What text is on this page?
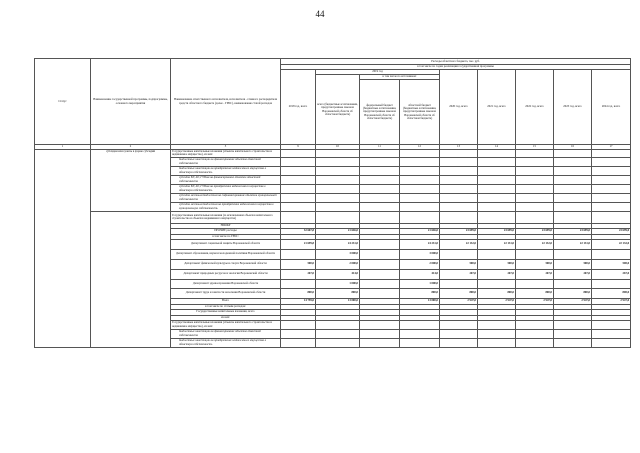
44
Статус	Наименование государственной программы, подпрограммы, основного мероприятия	Наименование ответственного исполнителя, исполнителя - главного распорядителя средств областного бюджета (далее - ГРБС), наименование статей расходов	Расходы областного бюджета, тыс. руб.								
			в том числе по годам реализации государственной программы								
			2018 год, всего	2019 год			2020 год, всего	2021 год, всего	2022 год, всего	2023 год, всего	2024 год, всего
				всего (бюджетные ассигнования, предусмотренные законом Воронежской области об областном бюджете)	в том числе по источникам:						
					федеральный бюджет (бюджетные ассигнования, предусмотренные законом Воронежской области об областном бюджете)	областной бюджет (бюджетные ассигнования, предусмотренные законом Воронежской области об областном бюджете)					
1	2	3	9	10	11	12	13	14	15	16	17
	субсидии или гранты в форме субсидий	Государственные капитальные вложения (объекты капитального строительства и недвижимое имущество), из них:									
		бюджетные инвестиции на финансирование объектов областной собственности									
		бюджетные инвестиции на приобретение недвижимого имущества в областную собственность									
		субсидии БУ, АУ, ГУПам на финансирование объектов областной собственности									
		субсидии БУ, АУ, ГУПам на приобретение недвижимого имущества в областную собственность									
		субсидии местным бюджетам на софинансирование объектов муниципальной собственности									
		субсидии местным бюджетам на приобретение недвижимого имущества в муниципальную собственность									
		Государственные капитальные вложения (за исключением объектов капитального строительства и объектов недвижимого имущества)									
		НИОКР									
		ПРОЧИЕ расходы	32 667,8	21 646,0		21 646,0	23 699,0	23 699,0	23 699,0	23 699,0	23 699,0
		в том числе по ГРБС:									
		Департамент социальной защиты Воронежской области	21 699,8	24 231,0		24 231,0	22 132,0	22 131,0	22 132,0	22 131,0	22 132,0
		Департамент образования, науки и молодежной политики Воронежской области		3 000,0		3 000,0					
		Департамент физической культуры и спорта Воронежской области	500,0	2 000,0		2 000,0	500,0	500,0	500,0	500,0	500,0
		Департамент природных ресурсов и экологии Воронежской области	267,0	414,0		414,0	267,0	267,0	267,0	267,0	267,0
		Департамент здравоохранения Воронежской области		1 000,0		1 000,0					
		Департамент труда и занятости населения Воронежской области	800,0	800,0		800,0	800,0	800,0	800,0	800,0	800,0
		Всего	14 759,0	13 000,0		13 000,0	2 947,0	2 947,0	2 947,0	2 947,0	2 947,0
		в том числе по статьям расходов:									
		Государственные капитальные вложения, всего									
		из них:									
		Государственные капитальные вложения (объекты капитального строительства и недвижимое имущество), из них:									
		бюджетные инвестиции на финансирование объектов областной собственности									
		бюджетные инвестиции на приобретение недвижимого имущества в областную собственность									
